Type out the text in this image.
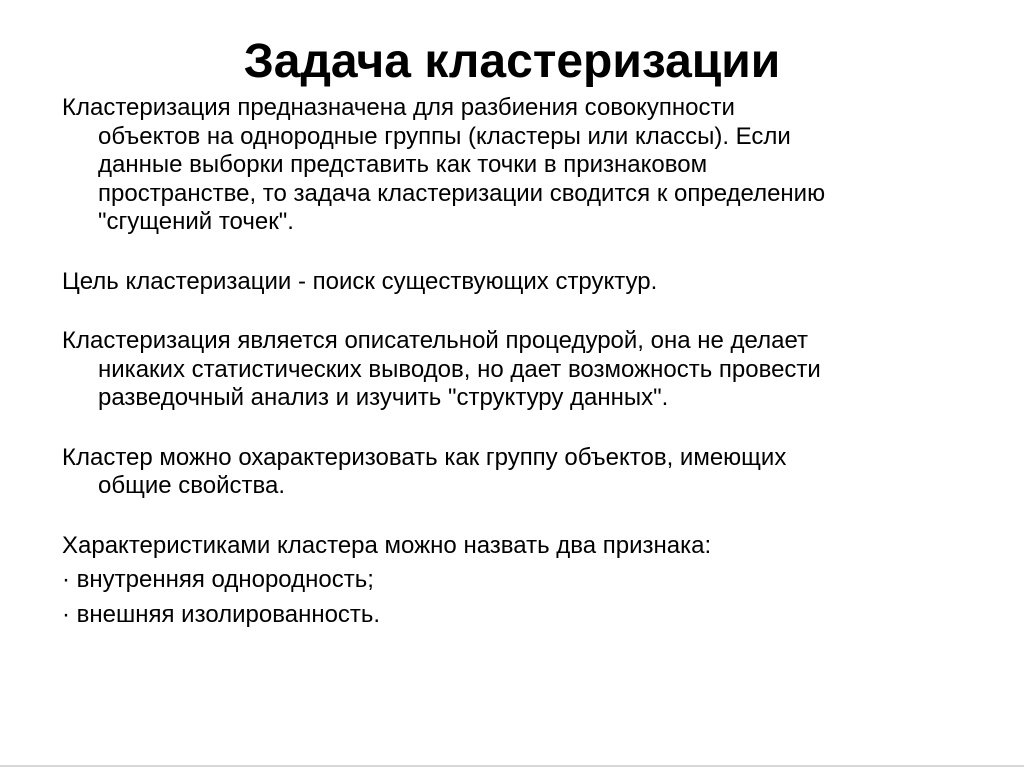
Задача кластеризации

Кластеризация предназначена для разбиения совокупности
объектов на однородные группы (кластеры или классы). Если
данные выборки представить как точки в признаковом
пространстве, то задача кластеризации сводится к определению
"сгущений точек".

Цель кластеризации - поиск существующих структур.

Кластеризация является описательной процедурой, она не делает
никаких статистических выводов, но дает возможность провести
разведочный анализ и изучить "структуру данных".

Кластер можно охарактеризовать как группу объектов, имеющих
общие свойства.

Характеристиками кластера можно назвать два признака:

· внутренняя однородность;

· внешняя изолированность.
